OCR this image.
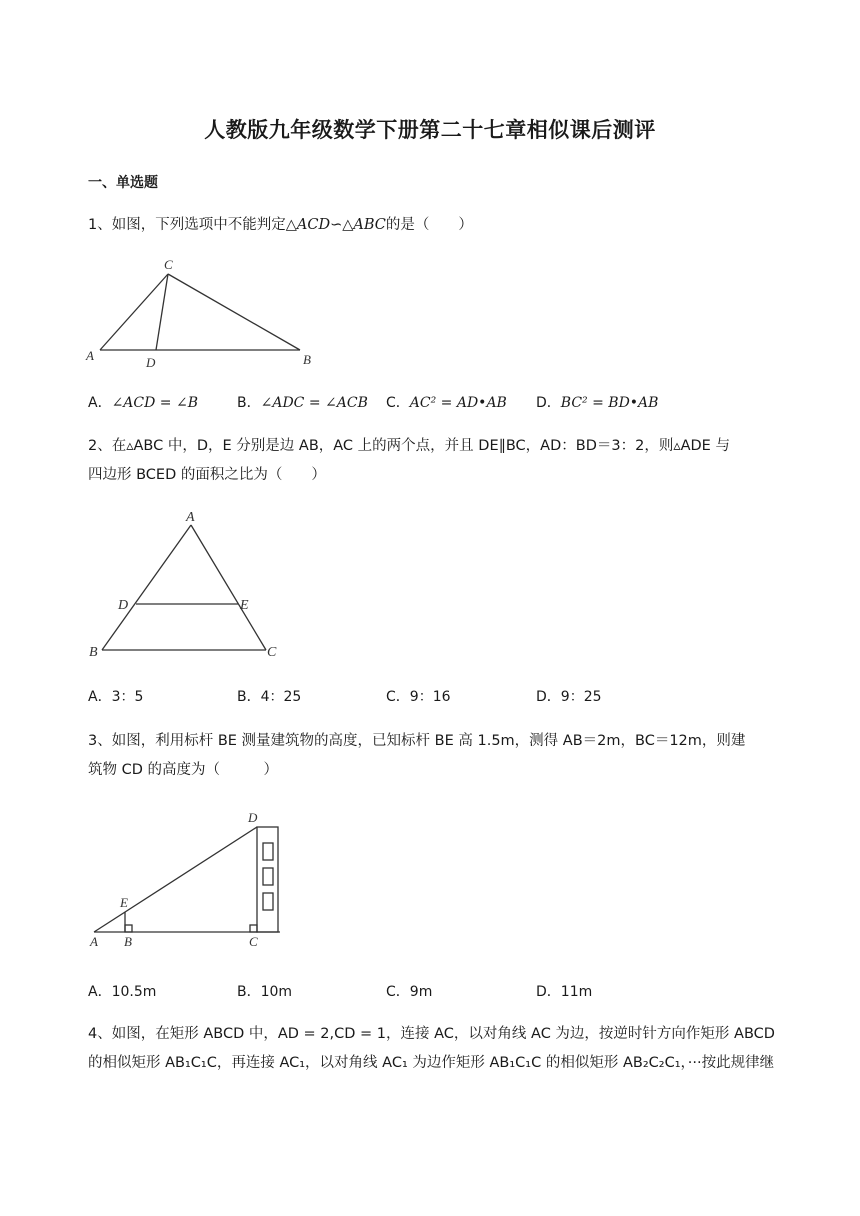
人教版九年级数学下册第二十七章相似课后测评
一、单选题
1、如图，下列选项中不能判定△ACD∽△ABC的是（　　）
C
A	D	B
A．∠ACD = ∠B	B．∠ADC = ∠ACB C．AC² = AD•AB D．BC² = BD•AB
2、在▵ABC 中，D，E 分别是边 AB，AC 上的两个点，并且 DE∥BC，AD：BD＝3：2，则▵ADE 与
四边形 BCED 的面积之比为（　　）
A
D	E
B	C
A．3：5	B．4：25	C．9：16	D．9：25
3、如图，利用标杆 BE 测量建筑物的高度，已知标杆 BE 高 1.5m，测得 AB＝2m，BC＝12m，则建
筑物 CD 的高度为（　　　）
D
E
A B	C
A．10.5m	B．10m	C．9m	D．11m
4、如图，在矩形 ABCD 中，AD = 2,CD = 1，连接 AC，以对角线 AC 为边，按逆时针方向作矩形 ABCD
的相似矩形 AB₁C₁C，再连接 AC₁，以对角线 AC₁ 为边作矩形 AB₁C₁C 的相似矩形 AB₂C₂C₁，···按此规律继
